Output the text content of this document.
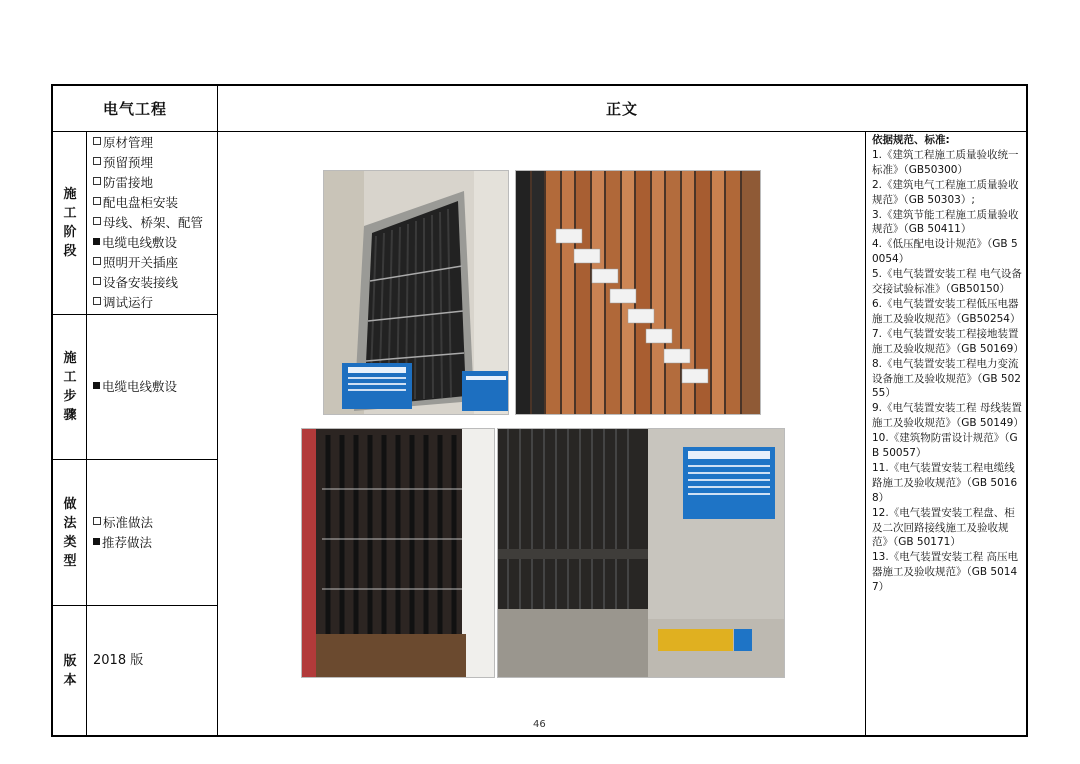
电气工程	正文
施
工
阶
段
原材管理
预留预埋
防雷接地
配电盘柜安装
母线、桥架、配管
电缆电线敷设
照明开关插座
设备安装接线
调试运行
施
工
步
骤
电缆电线敷设
做
法
类
型
标准做法
推荐做法
版
本
2018 版
46
依据规范、标准:
1.《建筑工程施工质量验收统一标准》（GB50300）
2.《建筑电气工程施工质量验收规范》（GB 50303）;
3.《建筑节能工程施工质量验收规范》（GB 50411）
4.《低压配电设计规范》（GB 50054）
5.《电气装置安装工程 电气设备交接试验标准》（GB50150）
6.《电气装置安装工程低压电器施工及验收规范》（GB50254）
7.《电气装置安装工程接地装置施工及验收规范》（GB 50169）
8.《电气装置安装工程电力变流设备施工及验收规范》（GB 50255）
9.《电气装置安装工程 母线装置施工及验收规范》（GB 50149）
10.《建筑物防雷设计规范》（GB 50057）
11.《电气装置安装工程电缆线路施工及验收规范》（GB 50168）
12.《电气装置安装工程盘、柜及二次回路接线施工及验收规范》（GB 50171）
13.《电气装置安装工程 高压电器施工及验收规范》（GB 50147）
